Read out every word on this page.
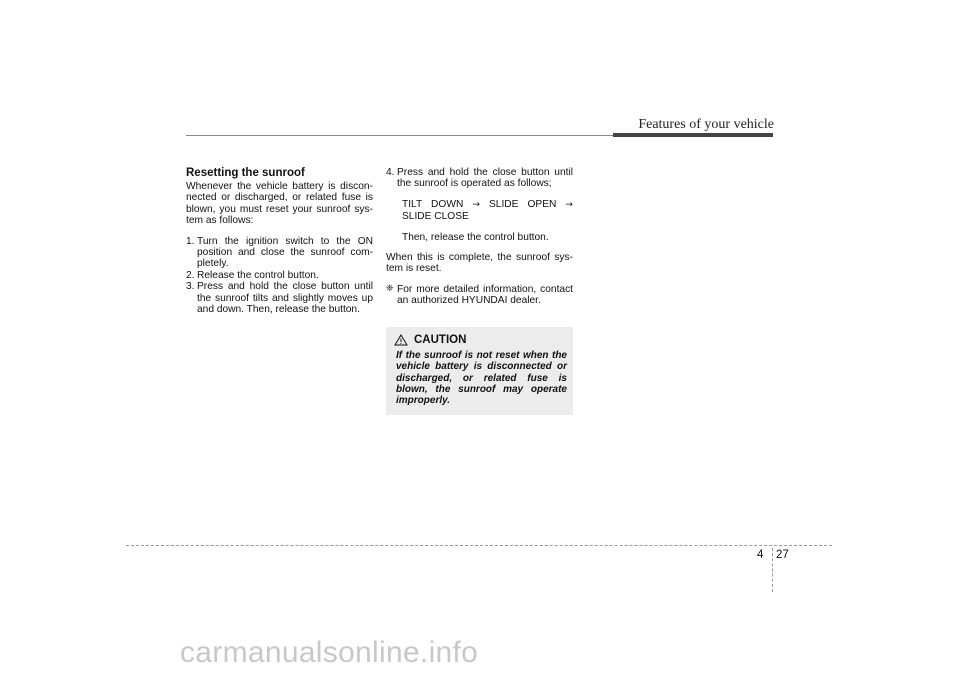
Features of your vehicle
Resetting the sunroof

Whenever the vehicle battery is discon-nected or discharged, or related fuse is blown, you must reset your sunroof sys-tem as follows:

1. Turn the ignition switch to the ON position and close the sunroof com-pletely.
2. Release the control button.
3. Press and hold the close button until the sunroof tilts and slightly moves up and down. Then, release the button.
4. Press and hold the close button until the sunroof is operated as follows;
TILT DOWN → SLIDE OPEN →
SLIDE CLOSE
Then, release the control button.

When this is complete, the sunroof sys-tem is reset.

❈ For more detailed information, contact an authorized HYUNDAI dealer.
CAUTION
If the sunroof is not reset when the vehicle battery is disconnected or discharged, or related fuse is blown, the sunroof may operate improperly.
4 27
carmanualsonline.info
